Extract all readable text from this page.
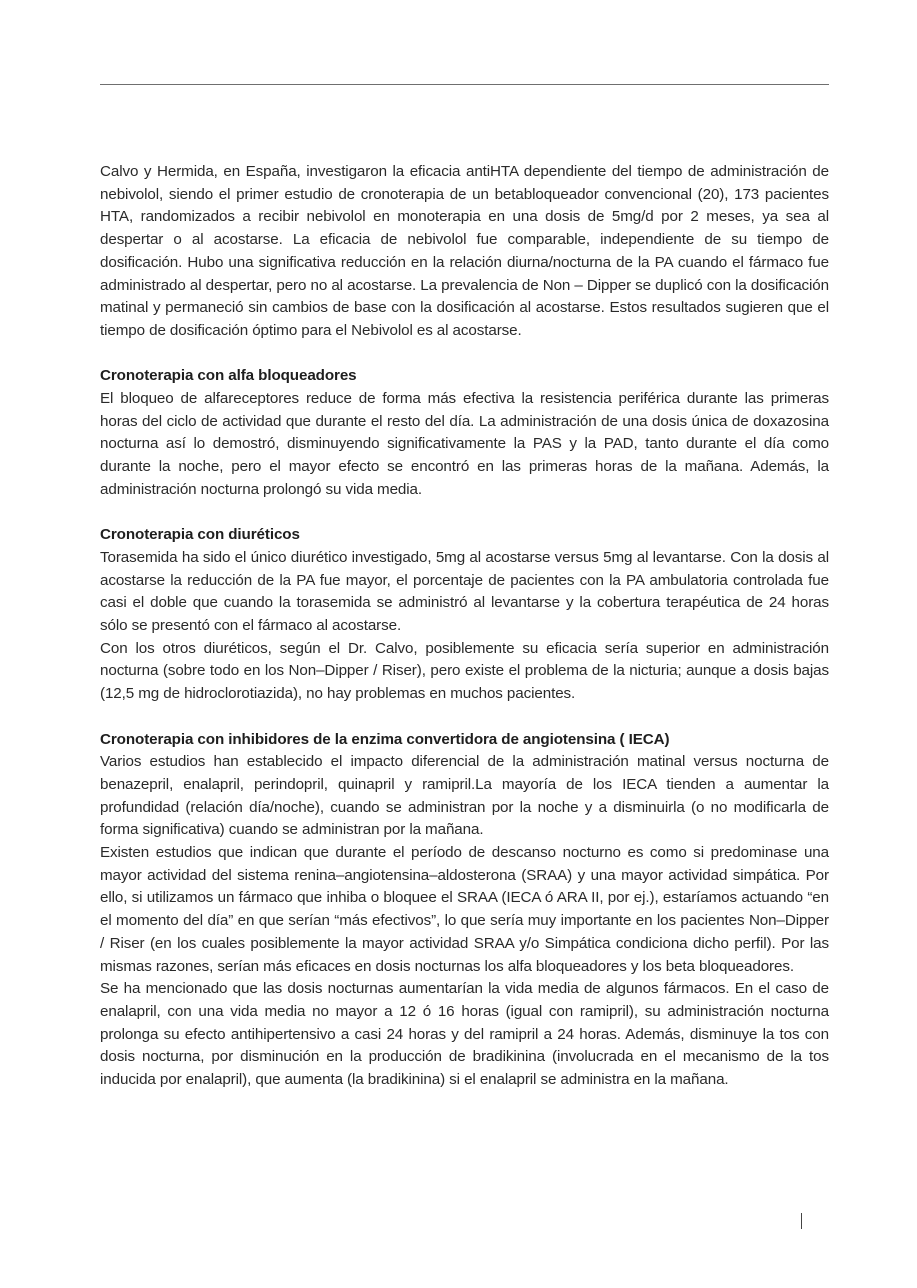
Calvo y Hermida, en España, investigaron la eficacia antiHTA dependiente del tiempo de administración de nebivolol, siendo el primer estudio de cronoterapia de un betabloqueador convencional (20), 173 pacientes HTA, randomizados a recibir nebivolol en monoterapia en una dosis de 5mg/d por 2 meses, ya sea al despertar o al acostarse. La eficacia de nebivolol fue comparable, independiente de su tiempo de dosificación. Hubo una significativa reducción en la relación diurna/nocturna de la PA cuando el fármaco fue administrado al despertar, pero no al acostarse. La prevalencia de Non – Dipper se duplicó con la dosificación matinal y permaneció sin cambios de base con la dosificación al acostarse. Estos resultados sugieren que el tiempo de dosificación óptimo para el Nebivolol es al acostarse.

Cronoterapia con alfa bloqueadores

El bloqueo de alfareceptores reduce de forma más efectiva la resistencia periférica durante las primeras horas del ciclo de actividad que durante el resto del día. La administración de una dosis única de doxazosina nocturna así lo demostró, disminuyendo significativamente la PAS y la PAD, tanto durante el día como durante la noche, pero el mayor efecto se encontró en las primeras horas de la mañana. Además, la administración nocturna prolongó su vida media.

Cronoterapia con diuréticos

Torasemida ha sido el único diurético investigado, 5mg al acostarse versus 5mg al levantarse. Con la dosis al acostarse la reducción de la PA fue mayor, el porcentaje de pacientes con la PA ambulatoria controlada fue casi el doble que cuando la torasemida se administró al levantarse y la cobertura terapéutica de 24 horas sólo se presentó con el fármaco al acostarse.

Con los otros diuréticos, según el Dr. Calvo, posiblemente su eficacia sería superior en administración nocturna (sobre todo en los Non–Dipper / Riser), pero existe el problema de la nicturia; aunque a dosis bajas (12,5 mg de hidroclorotiazida), no hay problemas en muchos pacientes.

Cronoterapia con inhibidores de la enzima convertidora de angiotensina ( IECA)

Varios estudios han establecido el impacto diferencial de la administración matinal versus nocturna de benazepril, enalapril, perindopril, quinapril y ramipril.La mayoría de los IECA tienden a aumentar la profundidad (relación día/noche), cuando se administran por la noche y a disminuirla (o no modificarla de forma significativa) cuando se administran por la mañana.

Existen estudios que indican que durante el período de descanso nocturno es como si predominase una mayor actividad del sistema renina–angiotensina–aldosterona (SRAA) y una mayor actividad simpática. Por ello, si utilizamos un fármaco que inhiba o bloquee el SRAA (IECA ó ARA II, por ej.), estaríamos actuando “en el momento del día” en que serían “más efectivos”, lo que sería muy importante en los pacientes Non–Dipper / Riser (en los cuales posiblemente la mayor actividad SRAA y/o Simpática condiciona dicho perfil). Por las mismas razones, serían más eficaces en dosis nocturnas los alfa bloqueadores y los beta bloqueadores.

Se ha mencionado que las dosis nocturnas aumentarían la vida media de algunos fármacos. En el caso de enalapril, con una vida media no mayor a 12 ó 16 horas (igual con ramipril), su administración nocturna prolonga su efecto antihipertensivo a casi 24 horas y del ramipril a 24 horas. Además, disminuye la tos con dosis nocturna, por disminución en la producción de bradikinina (involucrada en el mecanismo de la tos inducida por enalapril), que aumenta (la bradikinina) si el enalapril se administra en la mañana.
